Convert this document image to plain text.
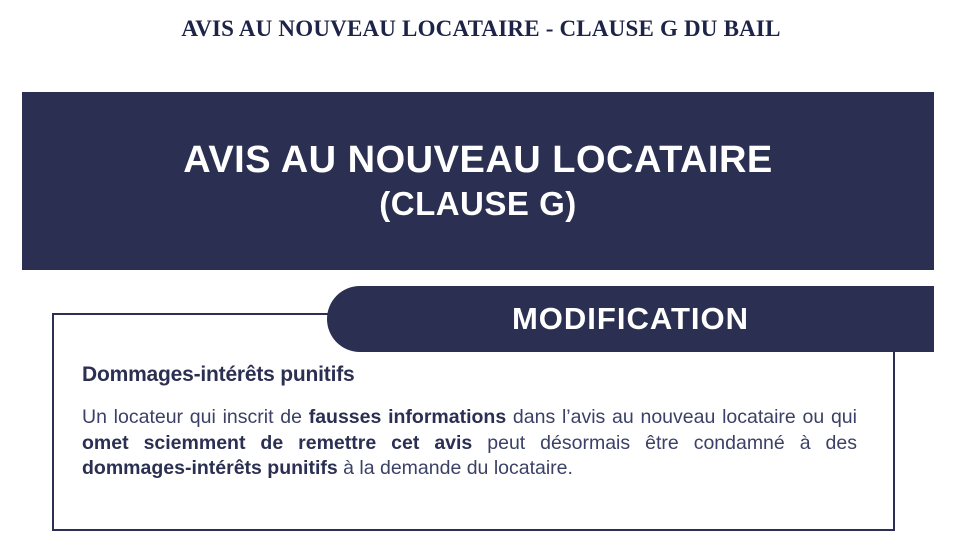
AVIS AU NOUVEAU LOCATAIRE - CLAUSE G DU BAIL
AVIS AU NOUVEAU LOCATAIRE
(CLAUSE G)
MODIFICATION

Dommages-intérêts punitifs

Un locateur qui inscrit de fausses informations dans l’avis au nouveau locataire ou qui omet sciemment de remettre cet avis peut désormais être condamné à des dommages-intérêts punitifs à la demande du locataire.
